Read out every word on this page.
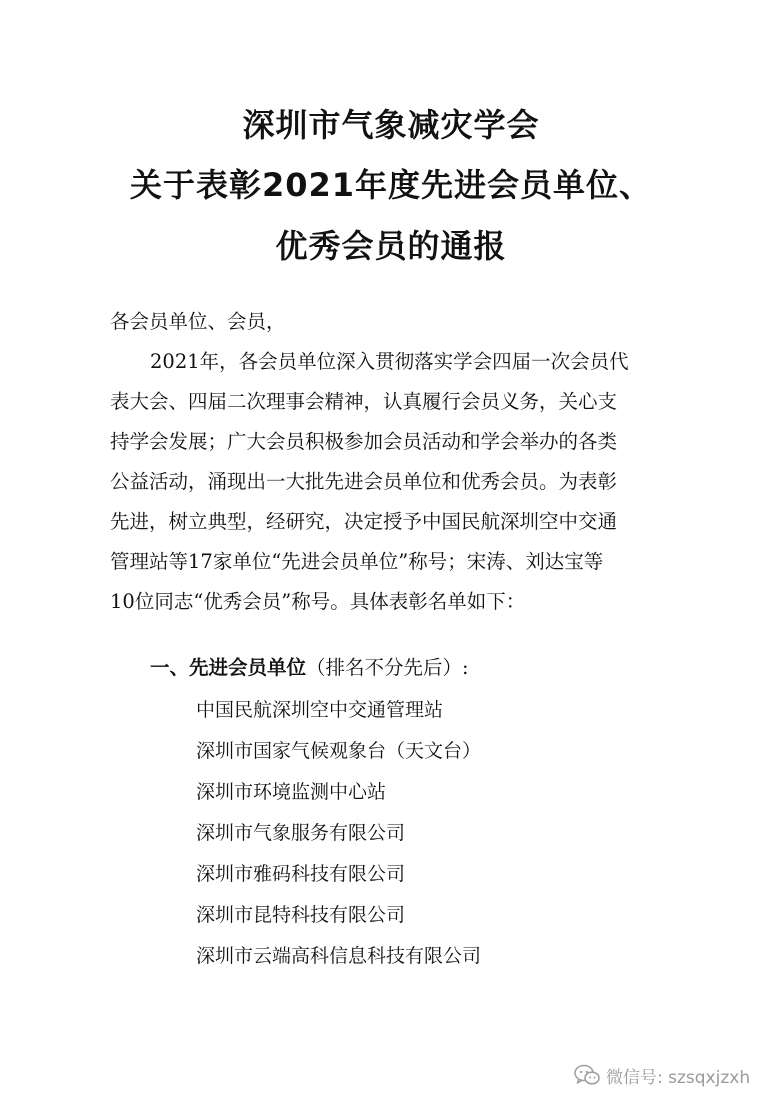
深圳市气象减灾学会
关于表彰2021年度先进会员单位、
优秀会员的通报
各会员单位、会员，
2021年，各会员单位深入贯彻落实学会四届一次会员代
表大会、四届二次理事会精神，认真履行会员义务，关心支
持学会发展；广大会员积极参加会员活动和学会举办的各类
公益活动，涌现出一大批先进会员单位和优秀会员。为表彰
先进，树立典型，经研究，决定授予中国民航深圳空中交通
管理站等17家单位“先进会员单位”称号；宋涛、刘达宝等
10位同志“优秀会员”称号。具体表彰名单如下：
一、先进会员单位（排名不分先后）:
中国民航深圳空中交通管理站
深圳市国家气候观象台（天文台）
深圳市环境监测中心站
深圳市气象服务有限公司
深圳市雅码科技有限公司
深圳市昆特科技有限公司
深圳市云端高科信息科技有限公司
微信号: szsqxjzxh
